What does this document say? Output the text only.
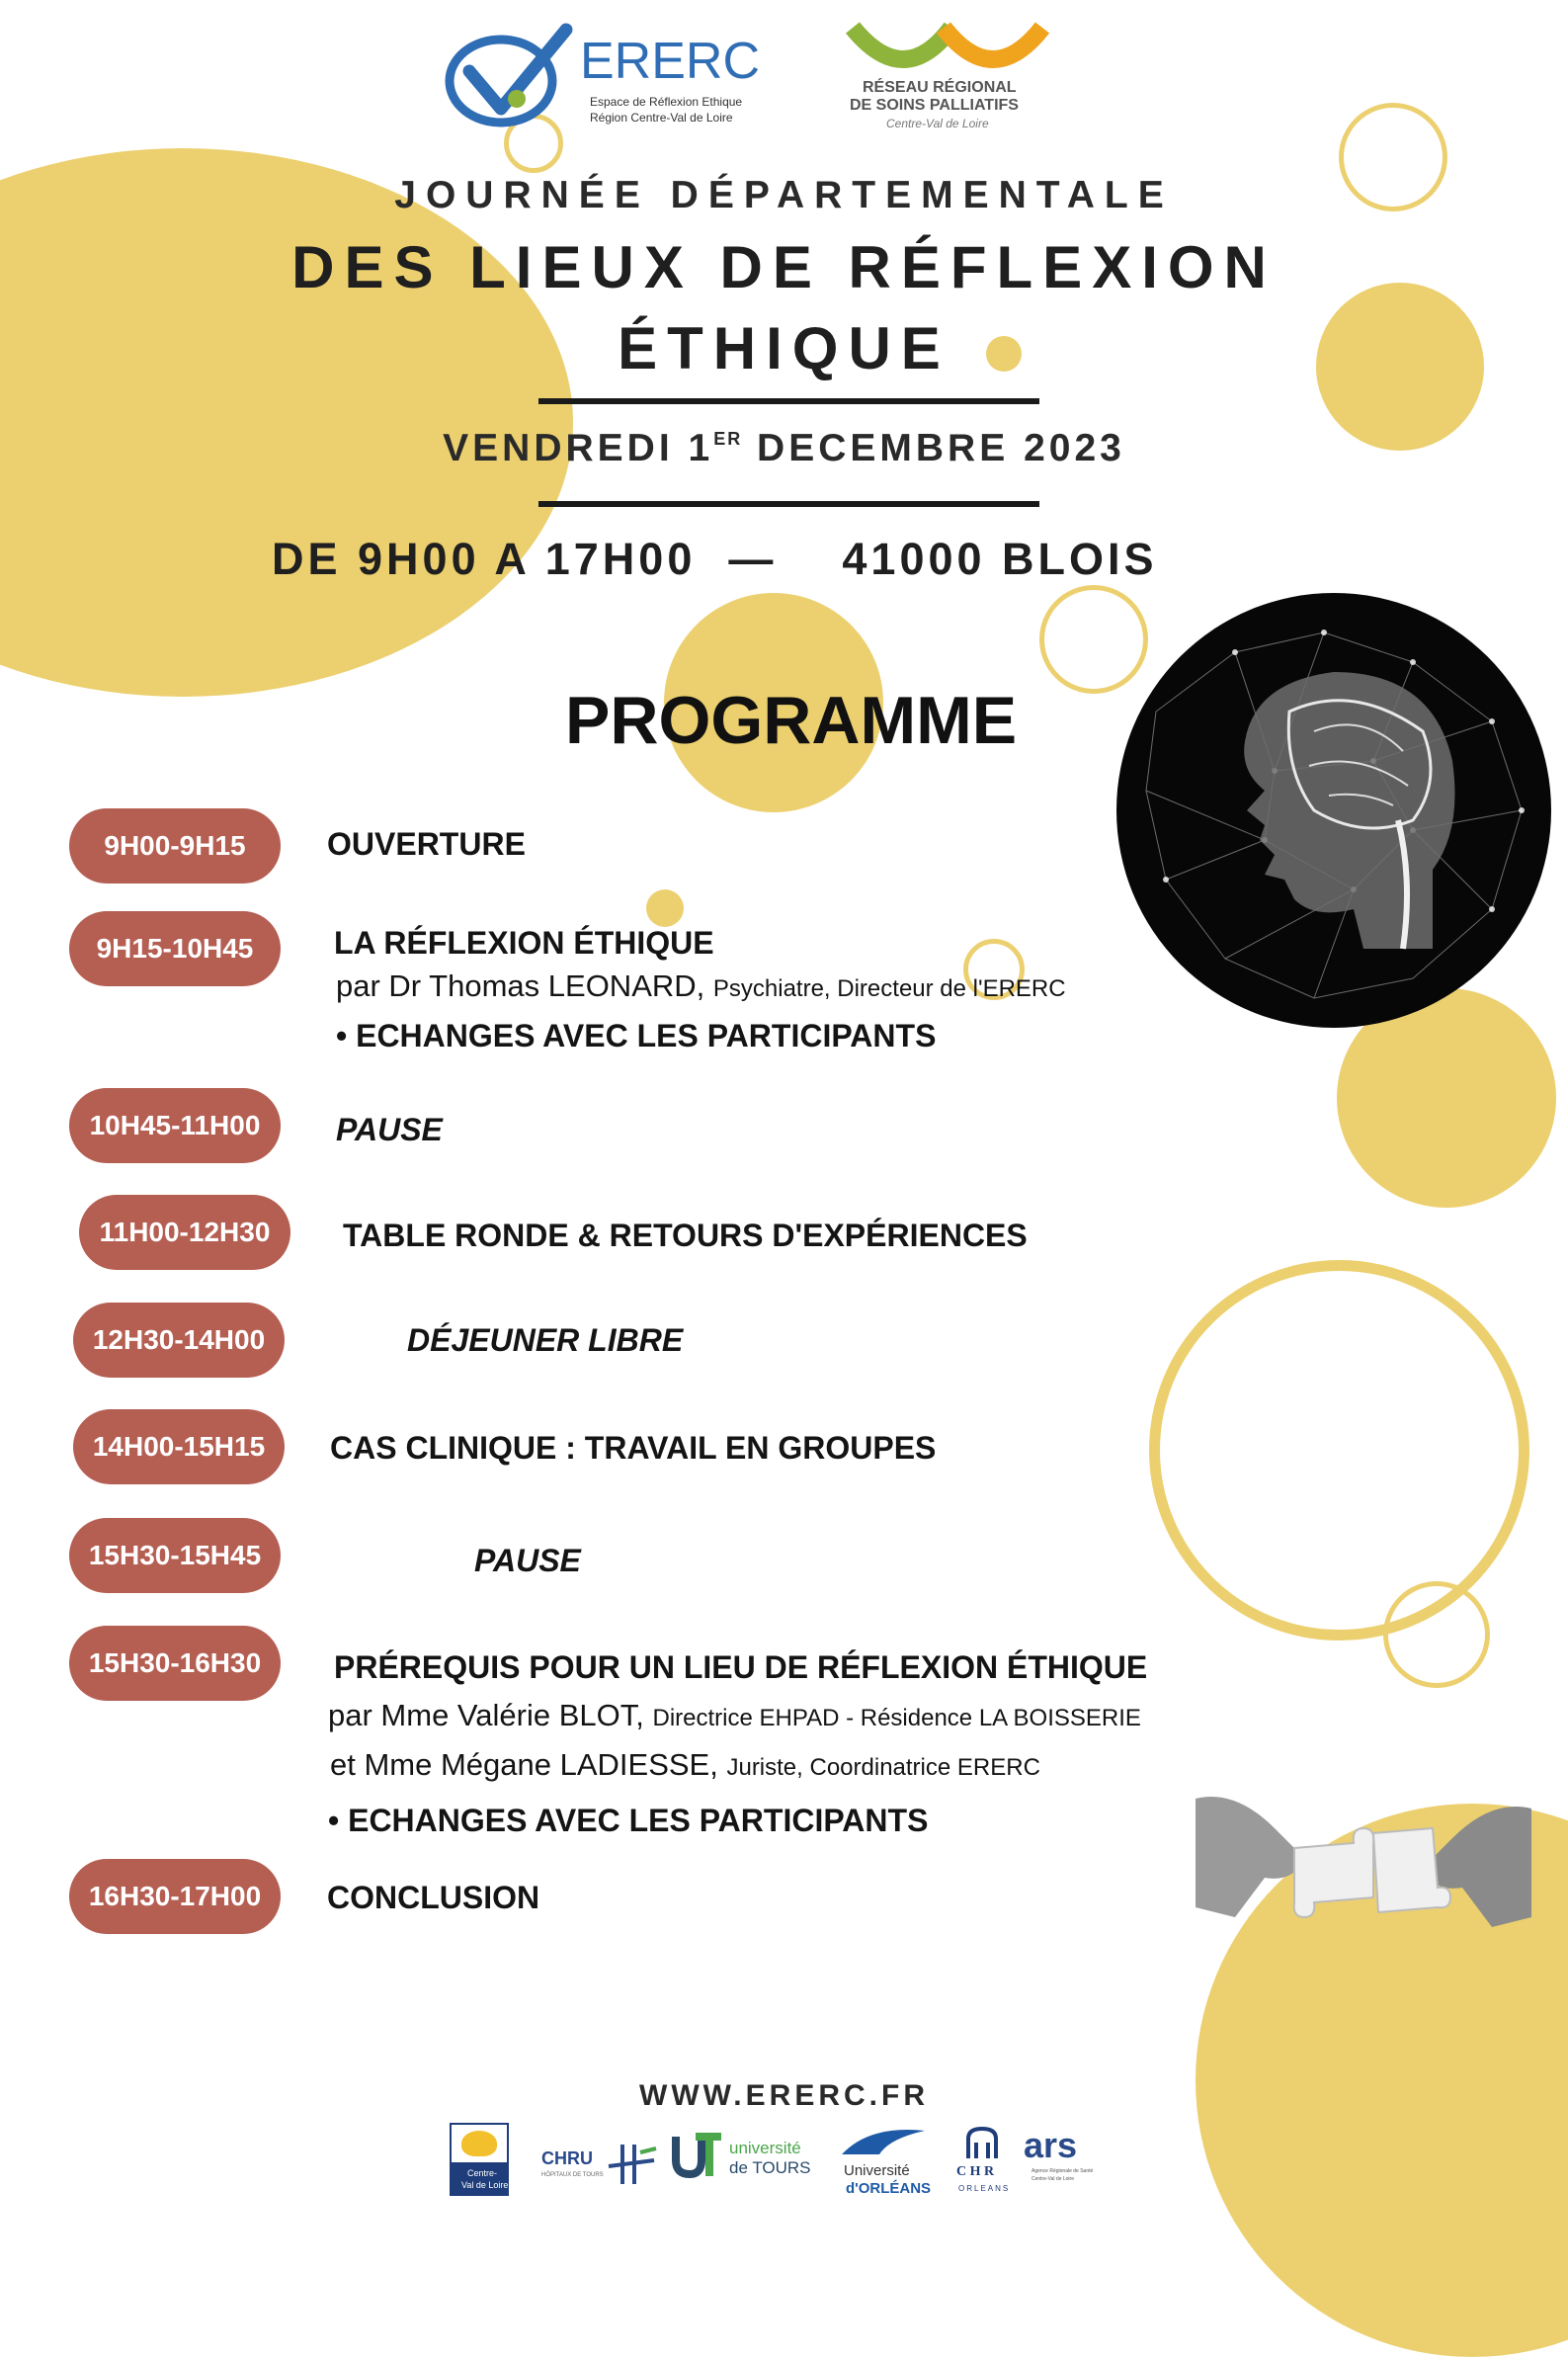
ERERC
Espace de Réflexion Ethique
Région Centre-Val de Loire
RÉSEAU RÉGIONAL
DE SOINS PALLIATIFS
Centre-Val de Loire
JOURNÉE DÉPARTEMENTALE
DES LIEUX DE RÉFLEXION
ÉTHIQUE
VENDREDI 1ER DECEMBRE 2023
DE 9H00 A 17H00 — 41000 BLOIS
PROGRAMME
9H00-9H15
9H15-10H45
10H45-11H00
11H00-12H30
12H30-14H00
14H00-15H15
15H30-15H45
15H30-16H30
16H30-17H00
OUVERTURE
LA RÉFLEXION ÉTHIQUE
par Dr Thomas LEONARD, Psychiatre, Directeur de l'ERERC
• ECHANGES AVEC LES PARTICIPANTS
PAUSE
TABLE RONDE & RETOURS D'EXPÉRIENCES
DÉJEUNER LIBRE
CAS CLINIQUE : TRAVAIL EN GROUPES
PAUSE
PRÉREQUIS POUR UN LIEU DE RÉFLEXION ÉTHIQUE
par Mme Valérie BLOT, Directrice EHPAD - Résidence LA BOISSERIE
et Mme Mégane LADIESSE, Juriste, Coordinatrice ERERC
• ECHANGES AVEC LES PARTICIPANTS
CONCLUSION
WWW.ERERC.FR
Centre-
Val de Loire
CHRU
HÔPITAUX DE TOURS
université
de TOURS Université
d'ORLÉANS
C H R
ORLEANS
ars
Agence Régionale de Santé
Centre-Val de Loire
